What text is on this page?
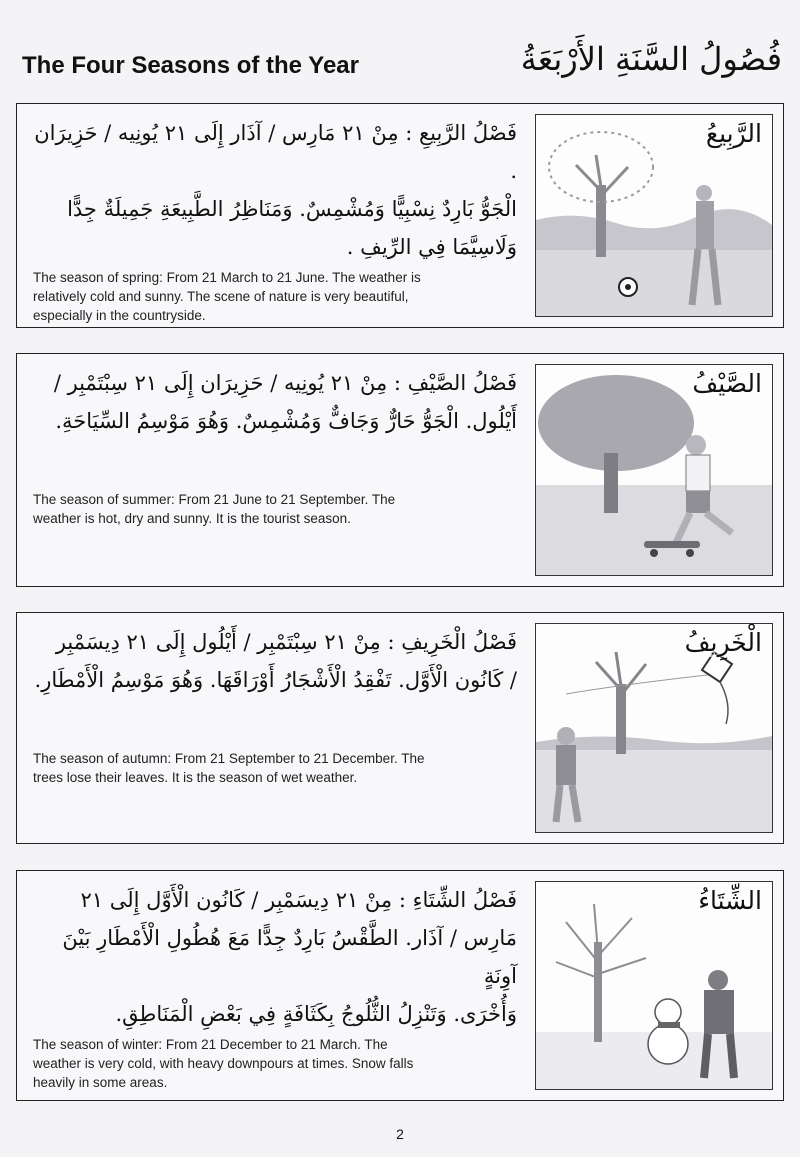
The Four Seasons of the Year	فُصُولُ السَّنَةِ الأَرْبَعَةُ

فَصْلُ الرَّبِيعِ : مِنْ ٢١ مَارِس / آذَار إِلَى ٢١ يُونِيه / حَزِيرَان .
الْجَوُّ بَارِدٌ نِسْبِيًّا وَمُشْمِسٌ. وَمَنَاظِرُ الطَّبِيعَةِ جَمِيلَةٌ جِدًّا
وَلَاسِيَّمَا فِي الرِّيفِ .

The season of spring: From 21 March to 21 June. The weather is
relatively cold and sunny. The scene of nature is very beautiful,
especially in the countryside.

الرَّبِيعُ

فَصْلُ الصَّيْفِ : مِنْ ٢١ يُونِيه / حَزِيرَان إِلَى ٢١ سِبْتَمْبِر /
أَيْلُول. الْجَوُّ حَارٌّ وَجَافٌّ وَمُشْمِسٌ. وَهُوَ مَوْسِمُ السِّيَاحَةِ.

The season of summer: From 21 June to 21 September. The
weather is hot, dry and sunny. It is the tourist season.

الصَّيْفُ

فَصْلُ الْخَرِيفِ : مِنْ ٢١ سِبْتَمْبِر / أَيْلُول إِلَى ٢١ دِيسَمْبِر
/ كَانُون الْأَوَّل. تَفْقِدُ الْأَشْجَارُ أَوْرَاقَهَا. وَهُوَ مَوْسِمُ الْأَمْطَارِ.

The season of autumn: From 21 September to 21 December. The
trees lose their leaves. It is the season of wet weather.

الْخَرِيفُ

فَصْلُ الشِّتَاءِ : مِنْ ٢١ دِيسَمْبِر / كَانُون الْأَوَّل إِلَى ٢١
مَارِس / آذَار. الطَّقْسُ بَارِدٌ جِدًّا مَعَ هُطُولِ الْأَمْطَارِ بَيْنَ آوِنَةٍ
وَأُخْرَى. وَتَنْزِلُ الثُّلُوجُ بِكَثَافَةٍ فِي بَعْضِ الْمَنَاطِقِ.

The season of winter: From 21 December to 21 March. The
weather is very cold, with heavy downpours at times. Snow falls
heavily in some areas.

الشِّتَاءُ
2
